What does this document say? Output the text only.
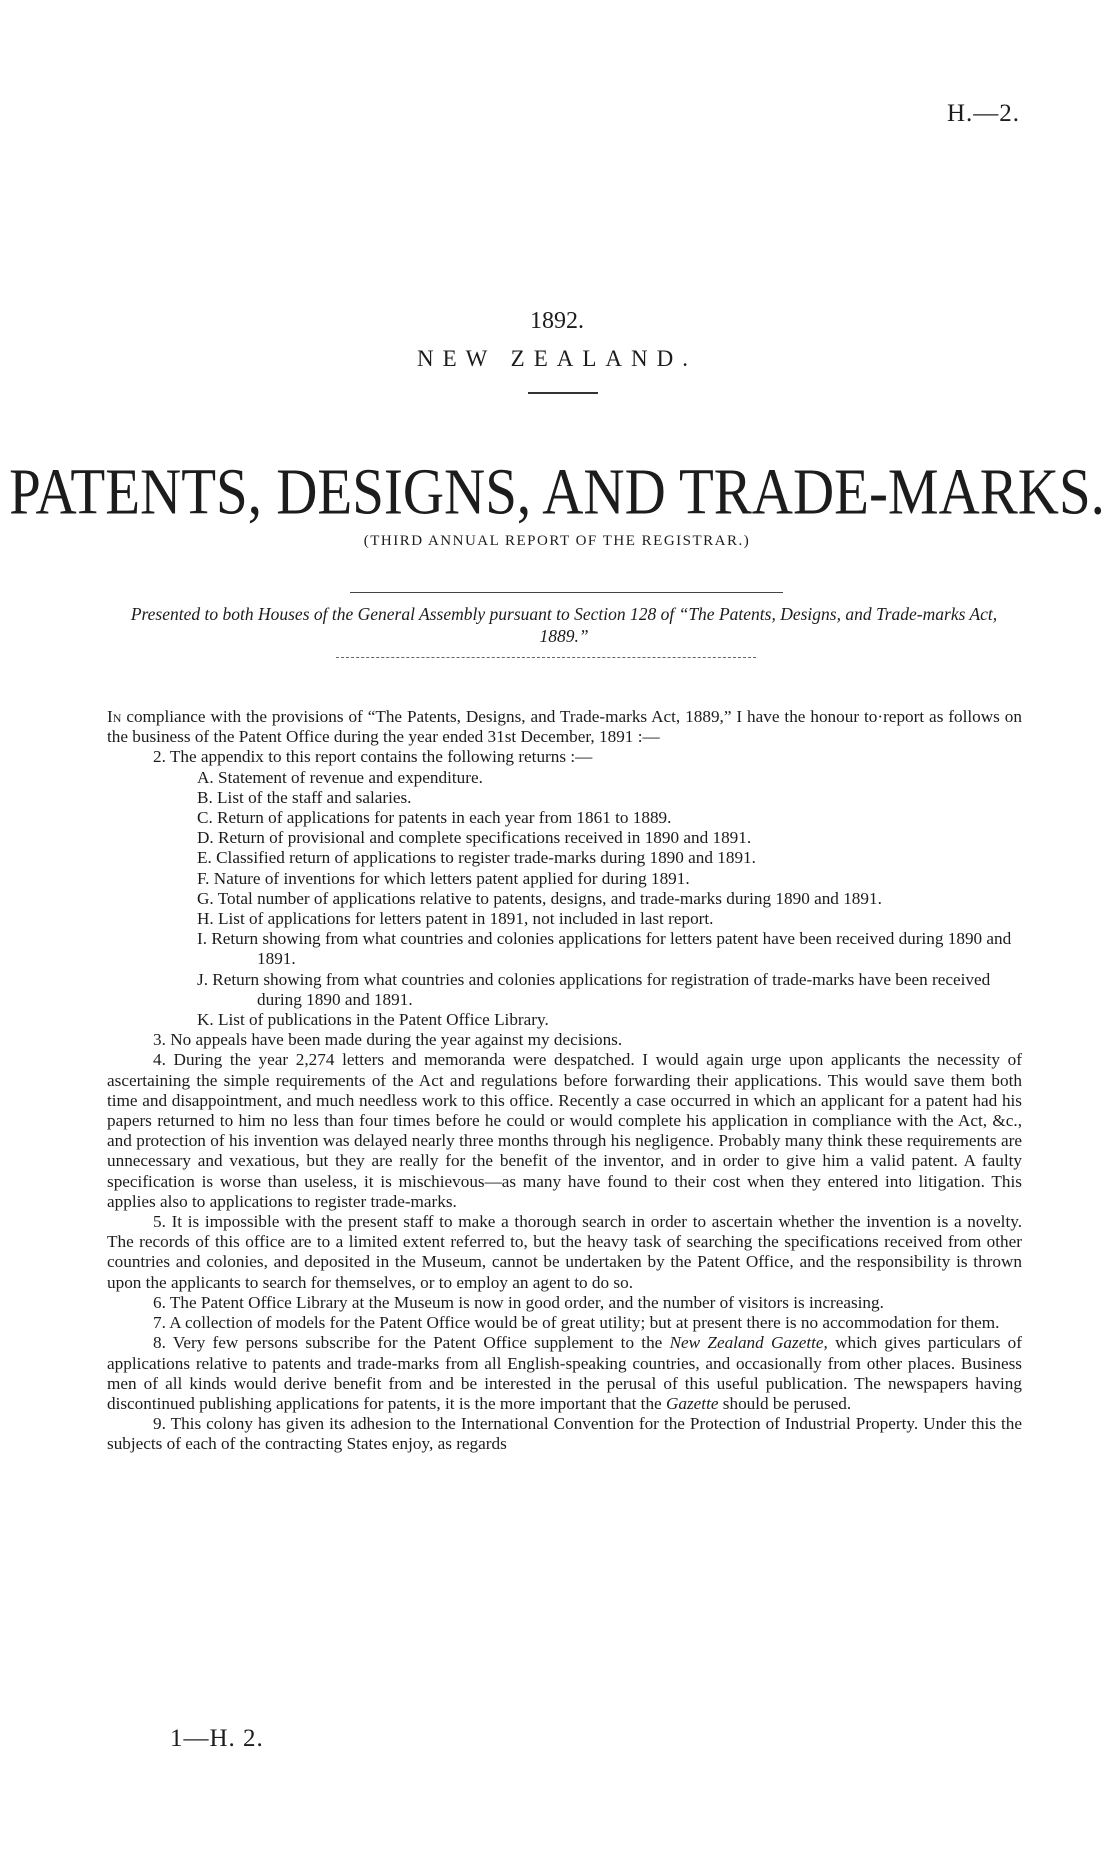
H.—2.
1892.
NEW ZEALAND.
PATENTS, DESIGNS, AND TRADE-MARKS.
(THIRD ANNUAL REPORT OF THE REGISTRAR.)
Presented to both Houses of the General Assembly pursuant to Section 128 of “The Patents, Designs, and Trade-marks Act, 1889.”

In compliance with the provisions of “The Patents, Designs, and Trade-marks Act, 1889,” I have the honour to·report as follows on the business of the Patent Office during the year ended 31st December, 1891 :—

2. The appendix to this report contains the following returns :—

A. Statement of revenue and expenditure.
B. List of the staff and salaries.
C. Return of applications for patents in each year from 1861 to 1889.
D. Return of provisional and complete specifications received in 1890 and 1891.
E. Classified return of applications to register trade-marks during 1890 and 1891.
F. Nature of inventions for which letters patent applied for during 1891.
G. Total number of applications relative to patents, designs, and trade-marks during 1890 and 1891.
H. List of applications for letters patent in 1891, not included in last report.
I. Return showing from what countries and colonies applications for letters patent have been received during 1890 and 1891.
J. Return showing from what countries and colonies applications for registration of trade-marks have been received during 1890 and 1891.
K. List of publications in the Patent Office Library.

3. No appeals have been made during the year against my decisions.

4. During the year 2,274 letters and memoranda were despatched. I would again urge upon applicants the necessity of ascertaining the simple requirements of the Act and regulations before forwarding their applications. This would save them both time and disappointment, and much needless work to this office. Recently a case occurred in which an applicant for a patent had his papers returned to him no less than four times before he could or would complete his application in compliance with the Act, &c., and protection of his invention was delayed nearly three months through his negligence. Probably many think these requirements are unnecessary and vexatious, but they are really for the benefit of the inventor, and in order to give him a valid patent. A faulty specification is worse than useless, it is mischievous—as many have found to their cost when they entered into litigation. This applies also to applications to register trade-marks.

5. It is impossible with the present staff to make a thorough search in order to ascertain whether the invention is a novelty. The records of this office are to a limited extent referred to, but the heavy task of searching the specifications received from other countries and colonies, and deposited in the Museum, cannot be undertaken by the Patent Office, and the responsibility is thrown upon the applicants to search for themselves, or to employ an agent to do so.

6. The Patent Office Library at the Museum is now in good order, and the number of visitors is increasing.

7. A collection of models for the Patent Office would be of great utility; but at present there is no accommodation for them.

8. Very few persons subscribe for the Patent Office supplement to the New Zealand Gazette, which gives particulars of applications relative to patents and trade-marks from all English-speaking countries, and occasionally from other places. Business men of all kinds would derive benefit from and be interested in the perusal of this useful publication. The newspapers having discontinued publishing applications for patents, it is the more important that the Gazette should be perused.

9. This colony has given its adhesion to the International Convention for the Protection of Industrial Property. Under this the subjects of each of the contracting States enjoy, as regards

1—H. 2.
